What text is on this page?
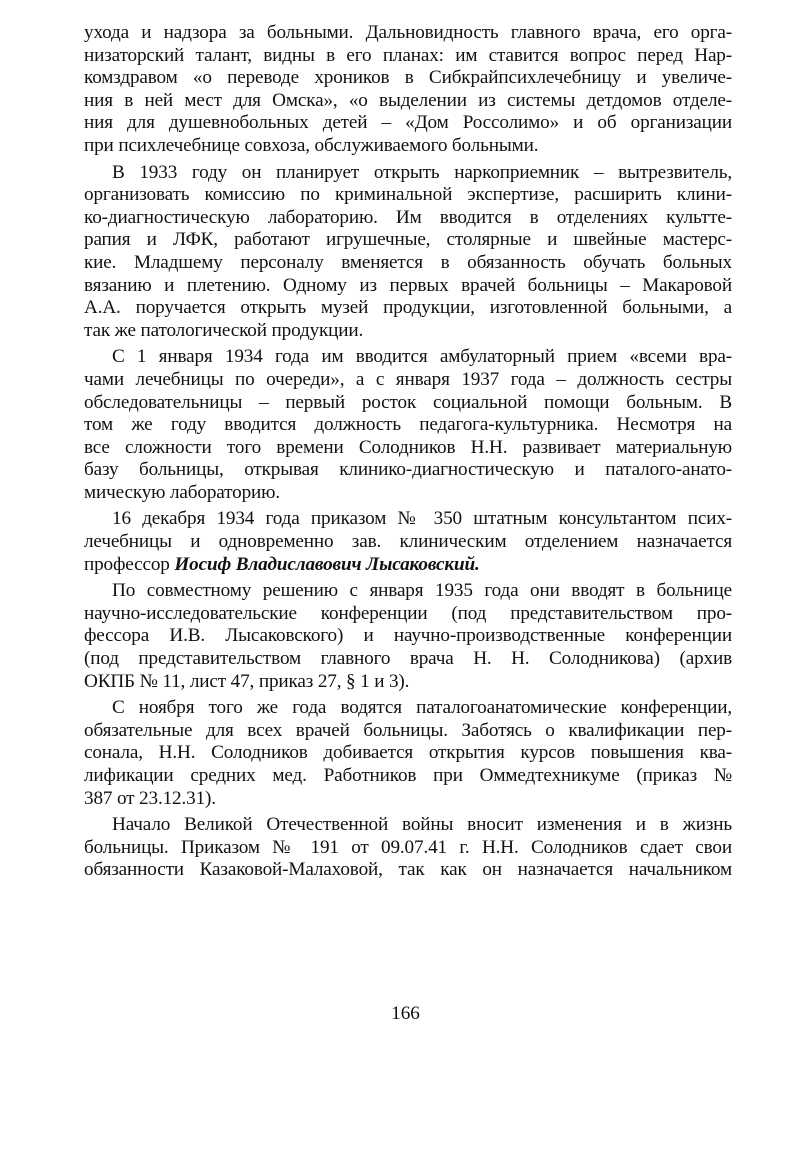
ухода и надзора за больными. Дальновидность главного врача, его орга-
низаторский талант, видны в его планах: им ставится вопрос перед Нар-
комздравом «о переводе хроников в Сибкрайпсихлечебницу и увеличе-
ния в ней мест для Омска», «о выделении из системы детдомов отделе-
ния для душевнобольных детей – «Дом Россолимо» и об организации
при психлечебнице совхоза, обслуживаемого больными.
В 1933 году он планирует открыть наркоприемник – вытрезвитель,
организовать комиссию по криминальной экспертизе, расширить клини-
ко-диагностическую лабораторию. Им вводится в отделениях культте-
рапия и ЛФК, работают игрушечные, столярные и швейные мастерс-
кие. Младшему персоналу вменяется в обязанность обучать больных
вязанию и плетению. Одному из первых врачей больницы – Макаровой
А.А. поручается открыть музей продукции, изготовленной больными, а
так же патологической продукции.
С 1 января 1934 года им вводится амбулаторный прием «всеми вра-
чами лечебницы по очереди», а с января 1937 года – должность сестры
обследовательницы – первый росток социальной помощи больным. В
том же году вводится должность педагога-культурника. Несмотря на
все сложности того времени Солодников Н.Н. развивает материальную
базу больницы, открывая клинико-диагностическую и паталого-анато-
мическую лабораторию.
16 декабря 1934 года приказом № 350 штатным консультантом псих-
лечебницы и одновременно зав. клиническим отделением назначается
профессор Иосиф Владиславович Лысаковский.
По совместному решению с января 1935 года они вводят в больнице
научно-исследовательские конференции (под представительством про-
фессора И.В. Лысаковского) и научно-производственные конференции
(под представительством главного врача Н. Н. Солодникова) (архив
ОКПБ № 11, лист 47, приказ 27, § 1 и 3).
С ноября того же года водятся паталогоанатомические конференции,
обязательные для всех врачей больницы. Заботясь о квалификации пер-
сонала, Н.Н. Солодников добивается открытия курсов повышения ква-
лификации средних мед. Работников при Оммедтехникуме (приказ №
387 от 23.12.31).
Начало Великой Отечественной войны вносит изменения и в жизнь
больницы. Приказом № 191 от 09.07.41 г. Н.Н. Солодников сдает свои
обязанности Казаковой-Малаховой, так как он назначается начальником
166
